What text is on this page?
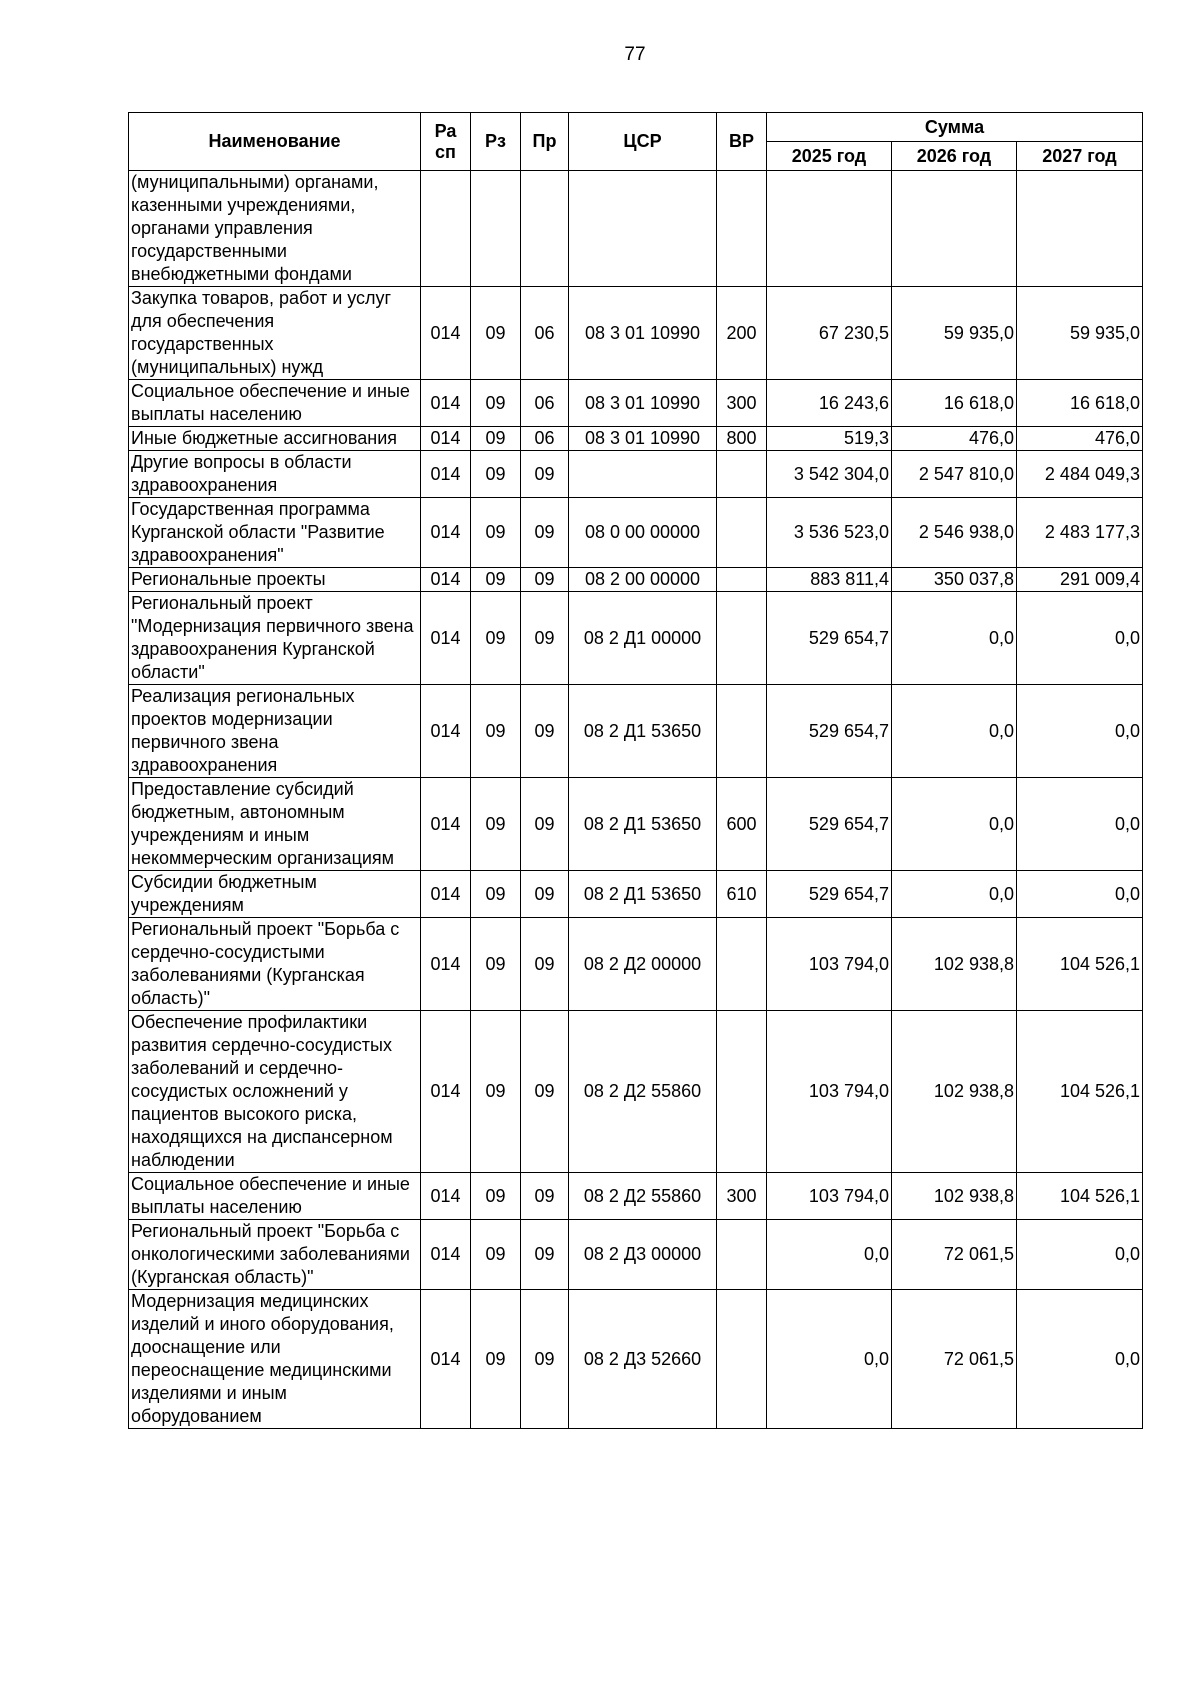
77
Наименование	Ра сп	Рз	Пр	ЦСР	ВР	Сумма		
						2025 год	2026 год	2027 год
(муниципальными) органами, казенными учреждениями, органами управления государственными внебюджетными фондами								
Закупка товаров, работ и услуг для обеспечения государственных (муниципальных) нужд	014	09	06	08 3 01 10990	200	67 230,5	59 935,0	59 935,0
Социальное обеспечение и иные выплаты населению	014	09	06	08 3 01 10990	300	16 243,6	16 618,0	16 618,0
Иные бюджетные ассигнования	014	09	06	08 3 01 10990	800	519,3	476,0	476,0
Другие вопросы в области здравоохранения	014	09	09			3 542 304,0	2 547 810,0	2 484 049,3
Государственная программа Курганской области "Развитие здравоохранения"	014	09	09	08 0 00 00000		3 536 523,0	2 546 938,0	2 483 177,3
Региональные проекты	014	09	09	08 2 00 00000		883 811,4	350 037,8	291 009,4
Региональный проект "Модернизация первичного звена здравоохранения Курганской области"	014	09	09	08 2 Д1 00000		529 654,7	0,0	0,0
Реализация региональных проектов модернизации первичного звена здравоохранения	014	09	09	08 2 Д1 53650		529 654,7	0,0	0,0
Предоставление субсидий бюджетным, автономным учреждениям и иным некоммерческим организациям	014	09	09	08 2 Д1 53650	600	529 654,7	0,0	0,0
Субсидии бюджетным учреждениям	014	09	09	08 2 Д1 53650	610	529 654,7	0,0	0,0
Региональный проект "Борьба с сердечно-сосудистыми заболеваниями (Курганская область)"	014	09	09	08 2 Д2 00000		103 794,0	102 938,8	104 526,1
Обеспечение профилактики развития сердечно-сосудистых заболеваний и сердечно-сосудистых осложнений у пациентов высокого риска, находящихся на диспансерном наблюдении	014	09	09	08 2 Д2 55860		103 794,0	102 938,8	104 526,1
Социальное обеспечение и иные выплаты населению	014	09	09	08 2 Д2 55860	300	103 794,0	102 938,8	104 526,1
Региональный проект "Борьба с онкологическими заболеваниями (Курганская область)"	014	09	09	08 2 Д3 00000		0,0	72 061,5	0,0
Модернизация медицинских изделий и иного оборудования, дооснащение или переоснащение медицинскими изделиями и иным оборудованием	014	09	09	08 2 Д3 52660		0,0	72 061,5	0,0
